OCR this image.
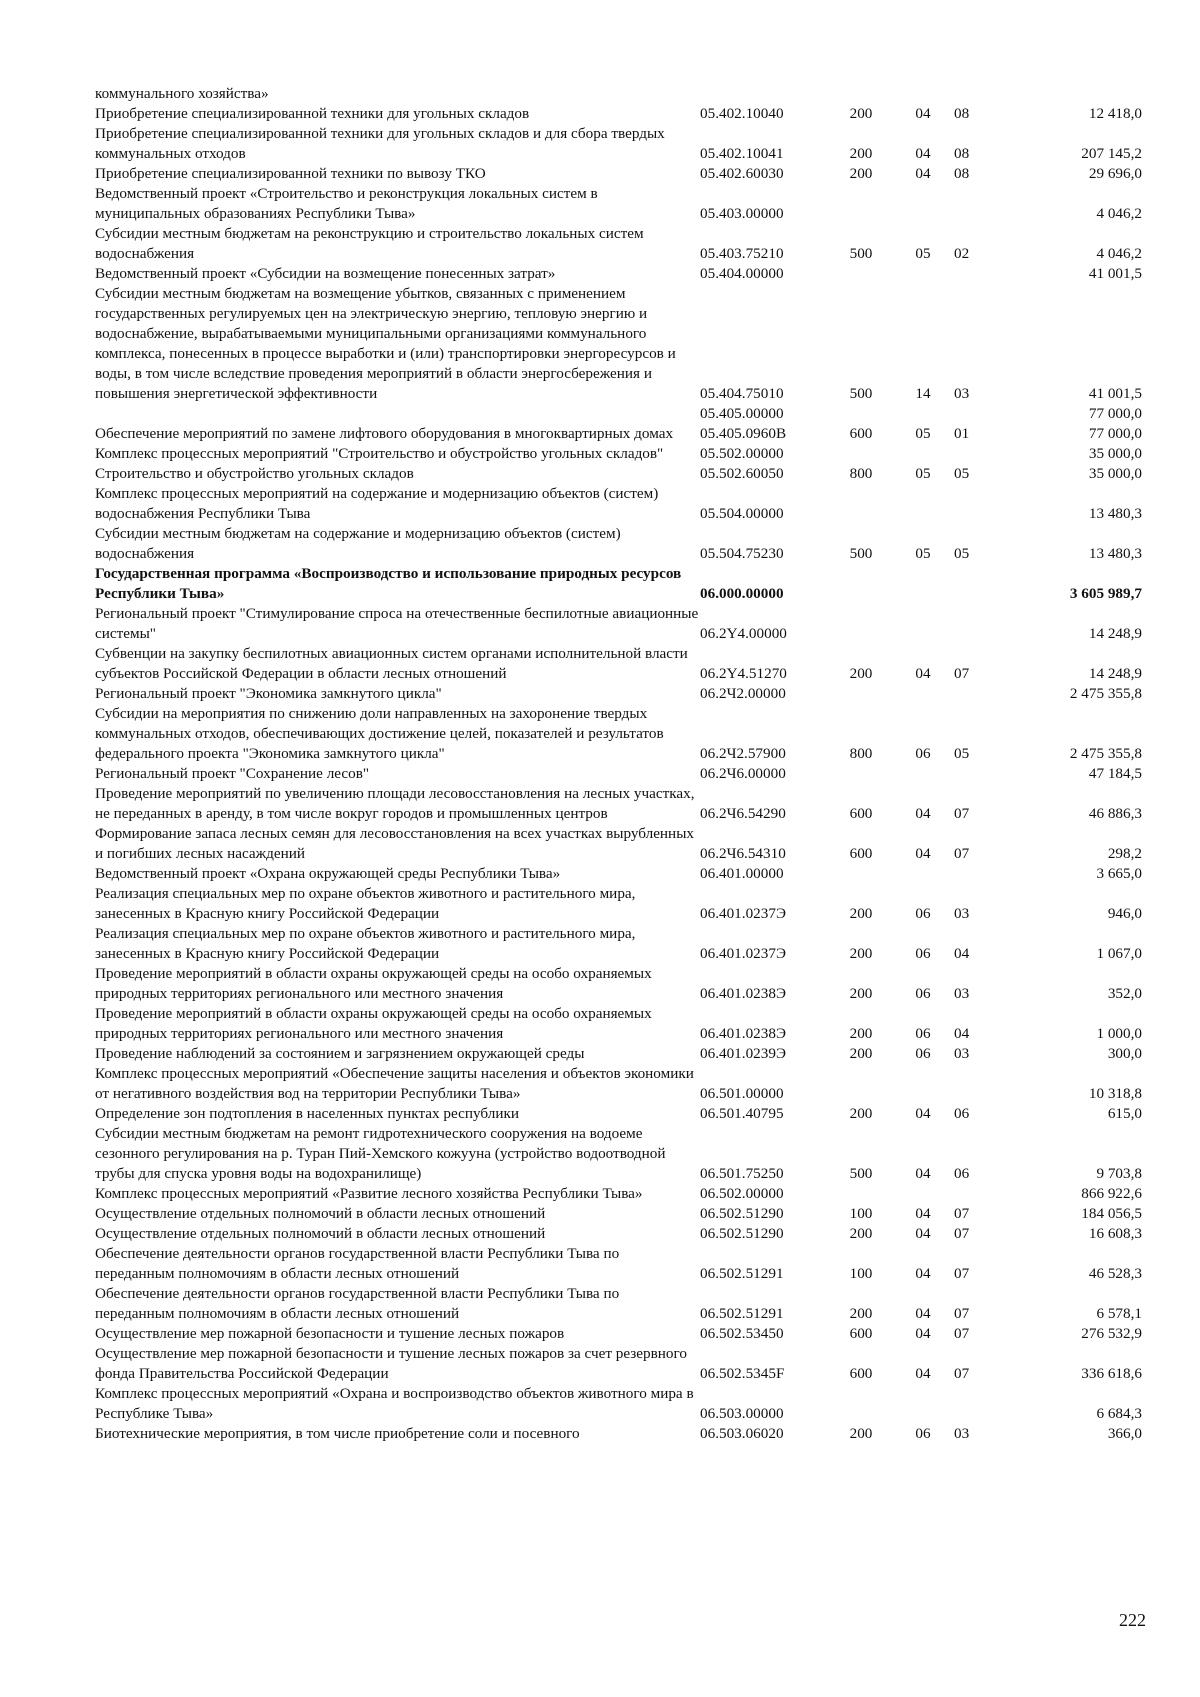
коммунального хозяйства»					
Приобретение специализированной техники для угольных складов	05.402.10040	200	04	08	12 418,0
Приобретение специализированной техники для угольных складов и для сбора твердых коммунальных отходов	05.402.10041	200	04	08	207 145,2
Приобретение специализированной техники по вывозу ТКО	05.402.60030	200	04	08	29 696,0
Ведомственный проект «Строительство и реконструкция локальных систем в муниципальных образованиях Республики Тыва»	05.403.00000				4 046,2
Субсидии местным бюджетам на реконструкцию и строительство локальных систем водоснабжения	05.403.75210	500	05	02	4 046,2
Ведомственный проект «Субсидии на возмещение понесенных затрат»	05.404.00000				41 001,5
Субсидии местным бюджетам на возмещение убытков, связанных с применением государственных регулируемых цен на электрическую энергию, тепловую энергию и водоснабжение, вырабатываемыми муниципальными организациями коммунального комплекса, понесенных в процессе выработки и (или) транспортировки энергоресурсов и воды, в том числе вследствие проведения мероприятий в области энергосбережения и повышения энергетической эффективности	05.404.75010	500	14	03	41 001,5
	05.405.00000				77 000,0
Обеспечение мероприятий по замене лифтового оборудования в многоквартирных домах	05.405.0960В	600	05	01	77 000,0
Комплекс процессных мероприятий "Строительство и обустройство угольных складов"	05.502.00000				35 000,0
Строительство и обустройство угольных складов	05.502.60050	800	05	05	35 000,0
Комплекс процессных мероприятий на содержание и модернизацию объектов (систем) водоснабжения Республики Тыва	05.504.00000				13 480,3
Субсидии местным бюджетам на содержание и модернизацию объектов (систем) водоснабжения	05.504.75230	500	05	05	13 480,3
Государственная программа «Воспроизводство и использование природных ресурсов Республики Тыва»	06.000.00000				3 605 989,7
Региональный проект "Стимулирование спроса на отечественные беспилотные авиационные системы"	06.2Y4.00000				14 248,9
Субвенции на закупку беспилотных авиационных систем органами исполнительной власти субъектов Российской Федерации в области лесных отношений	06.2Y4.51270	200	04	07	14 248,9
Региональный проект "Экономика замкнутого цикла"	06.2Ч2.00000				2 475 355,8
Субсидии на мероприятия по снижению доли направленных на захоронение твердых коммунальных отходов, обеспечивающих достижение целей, показателей и результатов федерального проекта "Экономика замкнутого цикла"	06.2Ч2.57900	800	06	05	2 475 355,8
Региональный проект "Сохранение лесов"	06.2Ч6.00000				47 184,5
Проведение мероприятий по увеличению площади лесовосстановления на лесных участках, не переданных в аренду, в том числе вокруг городов и промышленных центров	06.2Ч6.54290	600	04	07	46 886,3
Формирование запаса лесных семян для лесовосстановления на всех участках вырубленных и погибших лесных насаждений	06.2Ч6.54310	600	04	07	298,2
Ведомственный проект «Охрана окружающей среды Республики Тыва»	06.401.00000				3 665,0
Реализация специальных мер по охране объектов животного и растительного мира, занесенных в Красную книгу Российской Федерации	06.401.0237Э	200	06	03	946,0
Реализация специальных мер по охране объектов животного и растительного мира, занесенных в Красную книгу Российской Федерации	06.401.0237Э	200	06	04	1 067,0
Проведение мероприятий в области охраны окружающей среды на особо охраняемых природных территориях регионального или местного значения	06.401.0238Э	200	06	03	352,0
Проведение мероприятий в области охраны окружающей среды на особо охраняемых природных территориях регионального или местного значения	06.401.0238Э	200	06	04	1 000,0
Проведение наблюдений за состоянием и загрязнением окружающей среды	06.401.0239Э	200	06	03	300,0
Комплекс процессных мероприятий «Обеспечение защиты населения и объектов экономики от негативного воздействия вод на территории Республики Тыва»	06.501.00000				10 318,8
Определение зон подтопления в населенных пунктах республики	06.501.40795	200	04	06	615,0
Субсидии местным бюджетам на ремонт гидротехнического сооружения на водоеме сезонного регулирования на р. Туран Пий-Хемского кожууна (устройство водоотводной трубы для спуска уровня воды на водохранилище)	06.501.75250	500	04	06	9 703,8
Комплекс процессных мероприятий «Развитие лесного хозяйства Республики Тыва»	06.502.00000				866 922,6
Осуществление отдельных полномочий в области лесных отношений	06.502.51290	100	04	07	184 056,5
Осуществление отдельных полномочий в области лесных отношений	06.502.51290	200	04	07	16 608,3
Обеспечение деятельности органов государственной власти Республики Тыва по переданным полномочиям в области лесных отношений	06.502.51291	100	04	07	46 528,3
Обеспечение деятельности органов государственной власти Республики Тыва по переданным полномочиям в области лесных отношений	06.502.51291	200	04	07	6 578,1
Осуществление мер пожарной безопасности и тушение лесных пожаров	06.502.53450	600	04	07	276 532,9
Осуществление мер пожарной безопасности и тушение лесных пожаров за счет резервного фонда Правительства Российской Федерации	06.502.5345F	600	04	07	336 618,6
Комплекс процессных мероприятий «Охрана и воспроизводство объектов животного мира в Республике Тыва»	06.503.00000				6 684,3
Биотехнические мероприятия, в том числе приобретение соли и посевного	06.503.06020	200	06	03	366,0
222
